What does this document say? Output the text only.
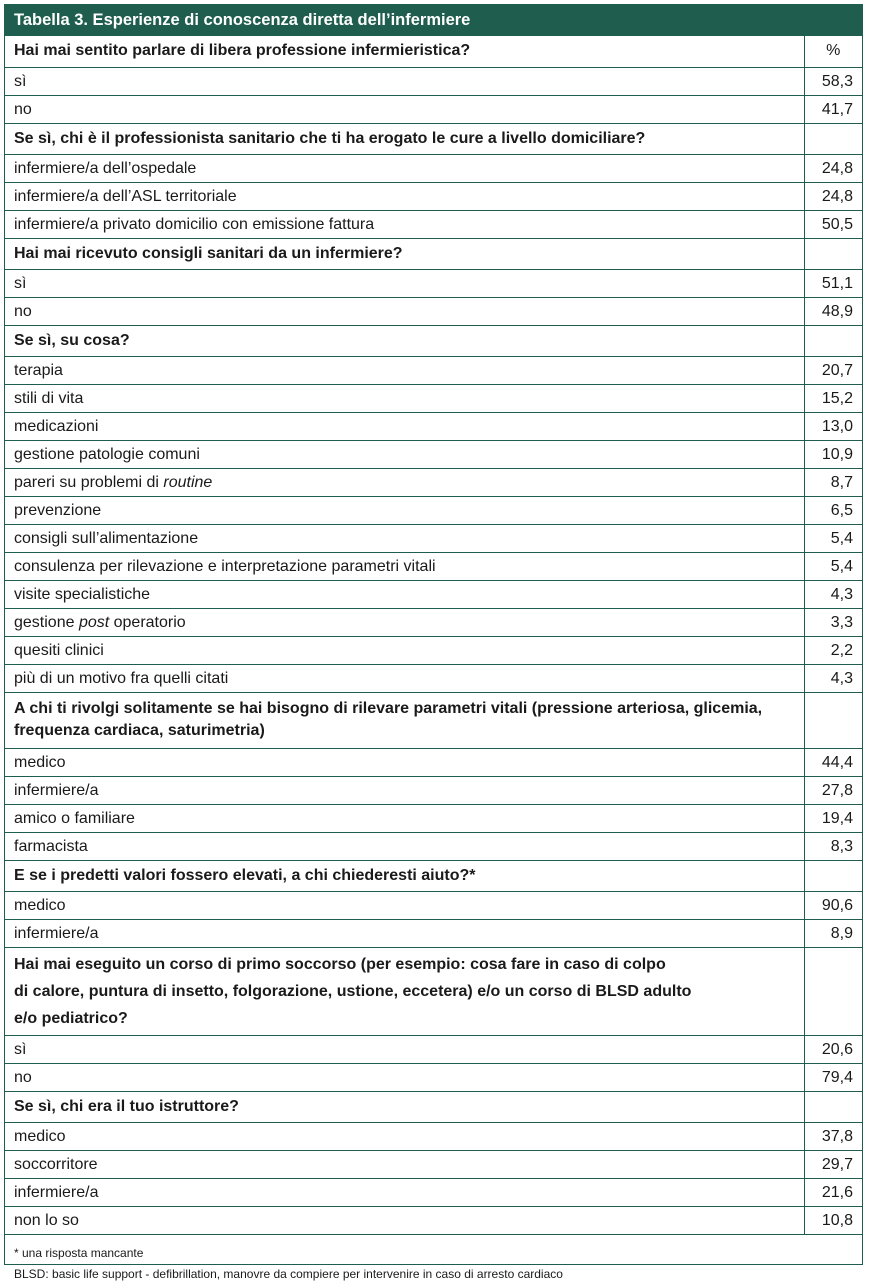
Tabella 3. Esperienze di conoscenza diretta dell’infermiere
Hai mai sentito parlare di libera professione infermieristica?	%
sì	58,3
no	41,7
Se sì, chi è il professionista sanitario che ti ha erogato le cure a livello domiciliare?	
infermiere/a dell’ospedale	24,8
infermiere/a dell’ASL territoriale	24,8
infermiere/a privato domicilio con emissione fattura	50,5
Hai mai ricevuto consigli sanitari da un infermiere?	
sì	51,1
no	48,9
Se sì, su cosa?	
terapia	20,7
stili di vita	15,2
medicazioni	13,0
gestione patologie comuni	10,9
pareri su problemi di routine	8,7
prevenzione	6,5
consigli sull’alimentazione	5,4
consulenza per rilevazione e interpretazione parametri vitali	5,4
visite specialistiche	4,3
gestione post operatorio	3,3
quesiti clinici	2,2
più di un motivo fra quelli citati	4,3
A chi ti rivolgi solitamente se hai bisogno di rilevare parametri vitali (pressione arteriosa, glicemia, frequenza cardiaca, saturimetria)	
medico	44,4
infermiere/a	27,8
amico o familiare	19,4
farmacista	8,3
E se i predetti valori fossero elevati, a chi chiederesti aiuto?*	
medico	90,6
infermiere/a	8,9

Hai mai eseguito un corso di primo soccorso (per esempio: cosa fare in caso di colpo
di calore, puntura di insetto, folgorazione, ustione, eccetera) e/o un corso di BLSD adulto
e/o pediatrico?	

sì	20,6
no	79,4
Se sì, chi era il tuo istruttore?	
medico	37,8
soccorritore	29,7
infermiere/a	21,6
non lo so	10,8
* una risposta mancante
BLSD: basic life support - defibrillation, manovre da compiere per intervenire in caso di arresto cardiaco
